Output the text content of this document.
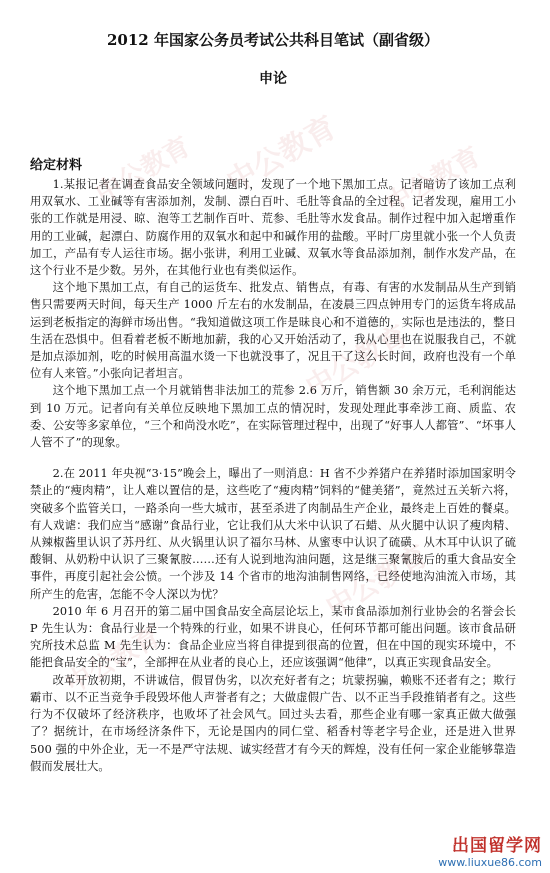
2012 年国家公务员考试公共科目笔试（副省级）
申论
给定材料

1.某报记者在调查食品安全领域问题时，发现了一个地下黑加工点。记者暗访了该加工点利用双氧水、工业碱等有害添加剂，发制、漂白百叶、毛肚等食品的全过程。记者发现，雇用工小张的工作就是用浸、晾、泡等工艺制作百叶、荒参、毛肚等水发食品。制作过程中加入起增重作用的工业碱，起漂白、防腐作用的双氧水和起中和碱作用的盐酸。平时厂房里就小张一个人负责加工，产品有专人运往市场。据小张讲，利用工业碱、双氧水等食品添加剂，制作水发产品，在这个行业不是少数。另外，在其他行业也有类似运作。

这个地下黑加工点，有自己的运货车、批发点、销售点，有毒、有害的水发制品从生产到销售只需要两天时间，每天生产 1000 斤左右的水发制品，在凌晨三四点钟用专门的运货车将成品运到老板指定的海鲜市场出售。“我知道做这项工作是昧良心和不道德的，实际也是违法的，整日生活在恐惧中。但看着老板不断地加薪，我的心又开始活动了，我从心里也在说服我自己，不就是加点添加剂，吃的时候用高温水烫一下也就没事了，况且干了这么长时间，政府也没有一个单位有人来管。”小张向记者坦言。

这个地下黑加工点一个月就销售非法加工的荒参 2.6 万斤，销售额 30 余万元，毛利润能达到 10 万元。记者向有关单位反映地下黑加工点的情况时，发现处理此事牵涉工商、质监、农委、公安等多家单位，“三个和尚没水吃”，在实际管理过程中，出现了“好事人人都管”、“坏事人人管不了”的现象。

2.在 2011 年央视“3·15”晚会上，曝出了一则消息：H 省不少养猪户在养猪时添加国家明令禁止的“瘦肉精”，让人难以置信的是，这些吃了“瘦肉精”饲料的“健美猪”，竟然过五关斩六将，突破多个监管关口，一路杀向一些大城市，甚至杀进了肉制品生产企业，最终走上百姓的餐桌。有人戏谑：我们应当“感谢”食品行业，它让我们从大米中认识了石蜡、从火腿中认识了瘦肉精、从辣椒酱里认识了苏丹红、从火锅里认识了福尔马林、从蜜枣中认识了硫磺、从木耳中认识了硫酸铜、从奶粉中认识了三聚氰胺……还有人说到地沟油问题，这是继三聚氰胺后的重大食品安全事件，再度引起社会公愤。一个涉及 14 个省市的地沟油制售网络，已经使地沟油流入市场，其所产生的危害，怎能不令人深以为忧？

2010 年 6 月召开的第二届中国食品安全高层论坛上，某市食品添加剂行业协会的名誉会长 P 先生认为：食品行业是一个特殊的行业，如果不讲良心，任何环节都可能出问题。该市食品研究所技术总监 M 先生认为：食品企业应当将自律提到很高的位置，但在中国的现实环境中，不能把食品安全的“宝”，全部押在从业者的良心上，还应该强调“他律”，以真正实现食品安全。

改革开放初期，不讲诚信，假冒伪劣，以次充好者有之；坑蒙拐骗，赖账不还者有之；欺行霸市、以不正当竞争手段毁坏他人声誉者有之；大做虚假广告、以不正当手段推销者有之。这些行为不仅破坏了经济秩序，也败坏了社会风气。回过头去看，那些企业有哪一家真正做大做强了？据统计，在市场经济条件下，无论是国内的同仁堂、稻香村等老字号企业，还是进入世界 500 强的中外企业，无一不是严守法规、诚实经营才有今天的辉煌，没有任何一家企业能够靠造假而发展壮大。

中公教育 中公教育 中公教育
中公教育
中公教育
中公教育
出国留学网
www.liuxue86.com
